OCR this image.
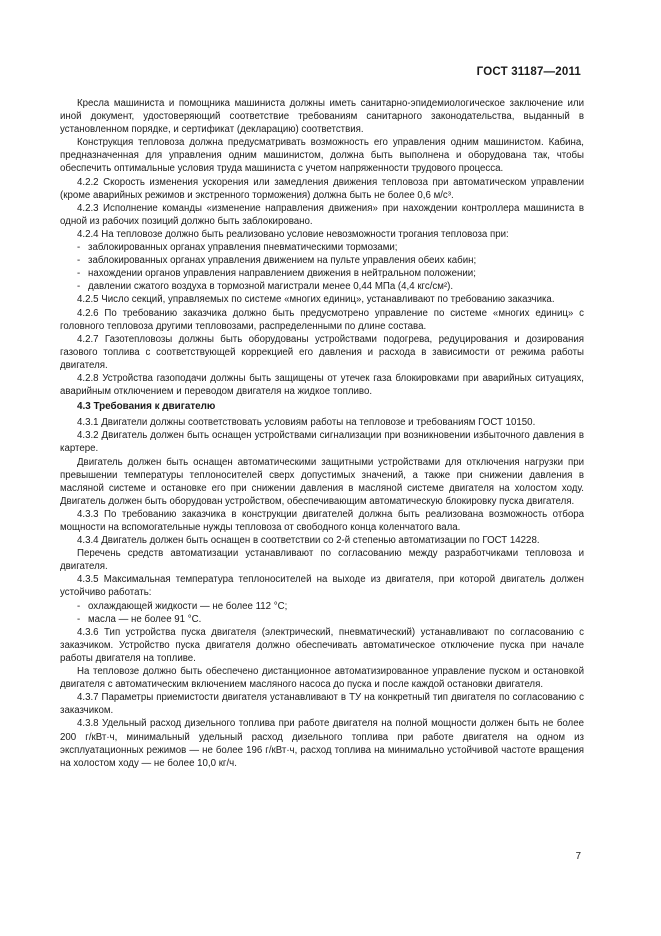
ГОСТ 31187—2011
Кресла машиниста и помощника машиниста должны иметь санитарно-эпидемиологическое заключение или иной документ, удостоверяющий соответствие требованиям санитарного законодательства, выданный в установленном порядке, и сертификат (декларацию) соответствия.
Конструкция тепловоза должна предусматривать возможность его управления одним машинистом. Кабина, предназначенная для управления одним машинистом, должна быть выполнена и оборудована так, чтобы обеспечить оптимальные условия труда машиниста с учетом напряженности трудового процесса.
4.2.2 Скорость изменения ускорения или замедления движения тепловоза при автоматическом управлении (кроме аварийных режимов и экстренного торможения) должна быть не более 0,6 м/с³.
4.2.3 Исполнение команды «изменение направления движения» при нахождении контроллера машиниста в одной из рабочих позиций должно быть заблокировано.
4.2.4 На тепловозе должно быть реализовано условие невозможности трогания тепловоза при:
- заблокированных органах управления пневматическими тормозами;
- заблокированных органах управления движением на пульте управления обеих кабин;
- нахождении органов управления направлением движения в нейтральном положении;
- давлении сжатого воздуха в тормозной магистрали менее 0,44 МПа (4,4 кгс/см²).
4.2.5 Число секций, управляемых по системе «многих единиц», устанавливают по требованию заказчика.
4.2.6 По требованию заказчика должно быть предусмотрено управление по системе «многих единиц» с головного тепловоза другими тепловозами, распределенными по длине состава.
4.2.7 Газотепловозы должны быть оборудованы устройствами подогрева, редуцирования и дозирования газового топлива с соответствующей коррекцией его давления и расхода в зависимости от режима работы двигателя.
4.2.8 Устройства газоподачи должны быть защищены от утечек газа блокировками при аварийных ситуациях, аварийным отключением и переводом двигателя на жидкое топливо.
4.3 Требования к двигателю
4.3.1 Двигатели должны соответствовать условиям работы на тепловозе и требованиям ГОСТ 10150.
4.3.2 Двигатель должен быть оснащен устройствами сигнализации при возникновении избыточного давления в картере.
Двигатель должен быть оснащен автоматическими защитными устройствами для отключения нагрузки при превышении температуры теплоносителей сверх допустимых значений, а также при снижении давления в масляной системе и остановке его при снижении давления в масляной системе двигателя на холостом ходу. Двигатель должен быть оборудован устройством, обеспечивающим автоматическую блокировку пуска двигателя.
4.3.3 По требованию заказчика в конструкции двигателей должна быть реализована возможность отбора мощности на вспомогательные нужды тепловоза от свободного конца коленчатого вала.
4.3.4 Двигатель должен быть оснащен в соответствии со 2-й степенью автоматизации по ГОСТ 14228.
Перечень средств автоматизации устанавливают по согласованию между разработчиками тепловоза и двигателя.
4.3.5 Максимальная температура теплоносителей на выходе из двигателя, при которой двигатель должен устойчиво работать:
- охлаждающей жидкости — не более 112 °С;
- масла — не более 91 °С.
4.3.6 Тип устройства пуска двигателя (электрический, пневматический) устанавливают по согласованию с заказчиком. Устройство пуска двигателя должно обеспечивать автоматическое отключение пуска при начале работы двигателя на топливе.
На тепловозе должно быть обеспечено дистанционное автоматизированное управление пуском и остановкой двигателя с автоматическим включением масляного насоса до пуска и после каждой остановки двигателя.
4.3.7 Параметры приемистости двигателя устанавливают в ТУ на конкретный тип двигателя по согласованию с заказчиком.
4.3.8 Удельный расход дизельного топлива при работе двигателя на полной мощности должен быть не более 200 г/кВт·ч, минимальный удельный расход дизельного топлива при работе двигателя на одном из эксплуатационных режимов — не более 196 г/кВт·ч, расход топлива на минимально устойчивой частоте вращения на холостом ходу — не более 10,0 кг/ч.
7
